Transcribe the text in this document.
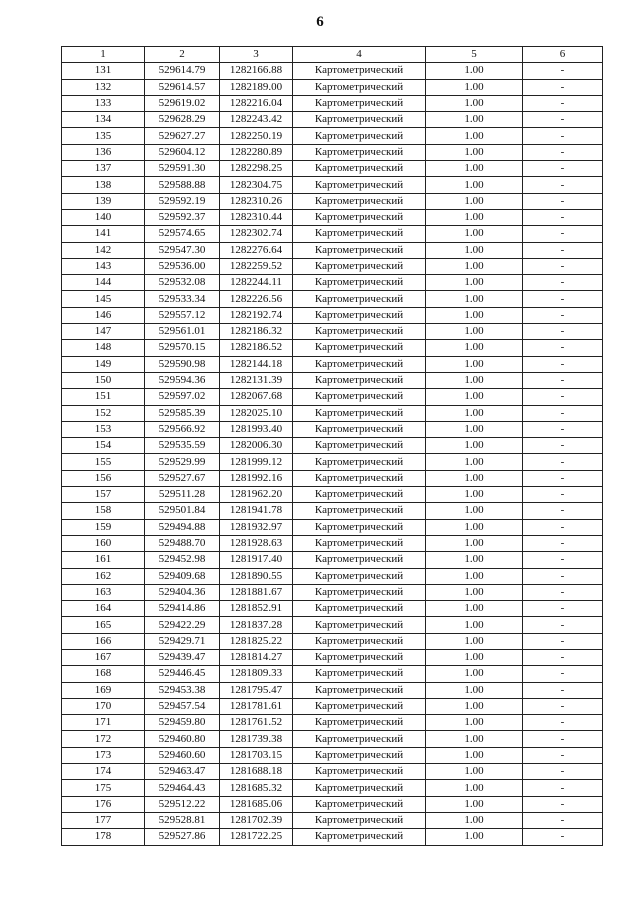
6
1	2	3	4	5	6
131	529614.79	1282166.88	Картометрический	1.00	-
132	529614.57	1282189.00	Картометрический	1.00	-
133	529619.02	1282216.04	Картометрический	1.00	-
134	529628.29	1282243.42	Картометрический	1.00	-
135	529627.27	1282250.19	Картометрический	1.00	-
136	529604.12	1282280.89	Картометрический	1.00	-
137	529591.30	1282298.25	Картометрический	1.00	-
138	529588.88	1282304.75	Картометрический	1.00	-
139	529592.19	1282310.26	Картометрический	1.00	-
140	529592.37	1282310.44	Картометрический	1.00	-
141	529574.65	1282302.74	Картометрический	1.00	-
142	529547.30	1282276.64	Картометрический	1.00	-
143	529536.00	1282259.52	Картометрический	1.00	-
144	529532.08	1282244.11	Картометрический	1.00	-
145	529533.34	1282226.56	Картометрический	1.00	-
146	529557.12	1282192.74	Картометрический	1.00	-
147	529561.01	1282186.32	Картометрический	1.00	-
148	529570.15	1282186.52	Картометрический	1.00	-
149	529590.98	1282144.18	Картометрический	1.00	-
150	529594.36	1282131.39	Картометрический	1.00	-
151	529597.02	1282067.68	Картометрический	1.00	-
152	529585.39	1282025.10	Картометрический	1.00	-
153	529566.92	1281993.40	Картометрический	1.00	-
154	529535.59	1282006.30	Картометрический	1.00	-
155	529529.99	1281999.12	Картометрический	1.00	-
156	529527.67	1281992.16	Картометрический	1.00	-
157	529511.28	1281962.20	Картометрический	1.00	-
158	529501.84	1281941.78	Картометрический	1.00	-
159	529494.88	1281932.97	Картометрический	1.00	-
160	529488.70	1281928.63	Картометрический	1.00	-
161	529452.98	1281917.40	Картометрический	1.00	-
162	529409.68	1281890.55	Картометрический	1.00	-
163	529404.36	1281881.67	Картометрический	1.00	-
164	529414.86	1281852.91	Картометрический	1.00	-
165	529422.29	1281837.28	Картометрический	1.00	-
166	529429.71	1281825.22	Картометрический	1.00	-
167	529439.47	1281814.27	Картометрический	1.00	-
168	529446.45	1281809.33	Картометрический	1.00	-
169	529453.38	1281795.47	Картометрический	1.00	-
170	529457.54	1281781.61	Картометрический	1.00	-
171	529459.80	1281761.52	Картометрический	1.00	-
172	529460.80	1281739.38	Картометрический	1.00	-
173	529460.60	1281703.15	Картометрический	1.00	-
174	529463.47	1281688.18	Картометрический	1.00	-
175	529464.43	1281685.32	Картометрический	1.00	-
176	529512.22	1281685.06	Картометрический	1.00	-
177	529528.81	1281702.39	Картометрический	1.00	-
178	529527.86	1281722.25	Картометрический	1.00	-
